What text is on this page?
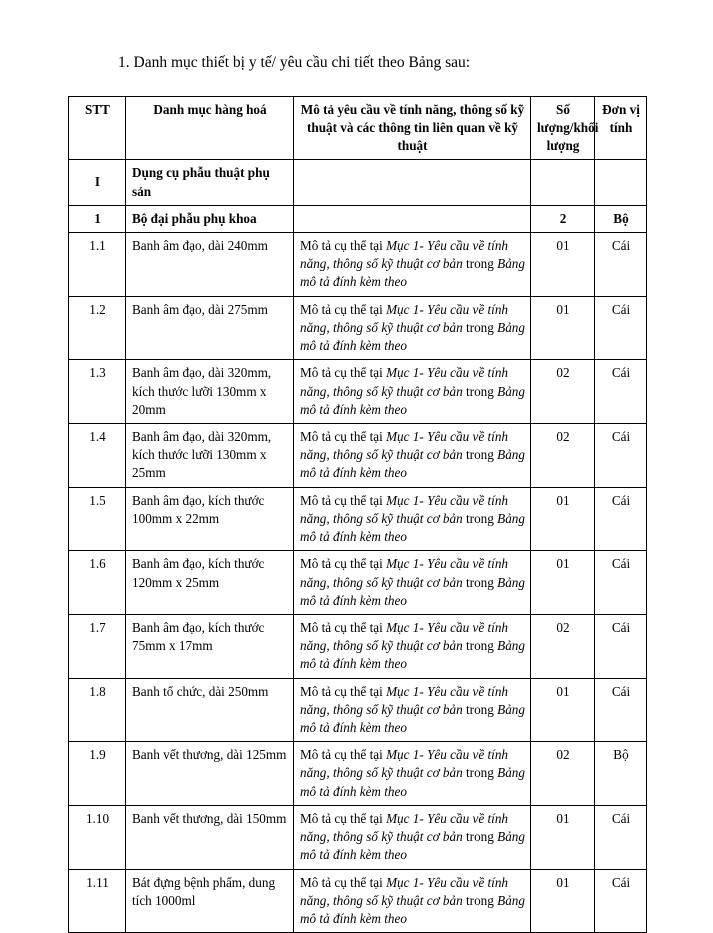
1. Danh mục thiết bị y tế/ yêu cầu chi tiết theo Bảng sau:
STT	Danh mục hàng hoá	Mô tả yêu cầu về tính năng, thông số kỹ thuật và các thông tin liên quan về kỹ thuật	Số lượng/khối lượng	Đơn vị tính
I	Dụng cụ phẫu thuật phụ sản			
1	Bộ đại phẫu phụ khoa		2	Bộ
1.1	Banh âm đạo, dài 240mm	Mô tả cụ thể tại Mục 1- Yêu cầu về tính năng, thông số kỹ thuật cơ bản trong Bảng mô tả đính kèm theo	01	Cái
1.2	Banh âm đạo, dài 275mm	Mô tả cụ thể tại Mục 1- Yêu cầu về tính năng, thông số kỹ thuật cơ bản trong Bảng mô tả đính kèm theo	01	Cái
1.3	Banh âm đạo, dài 320mm, kích thước lưỡi 130mm x 20mm	Mô tả cụ thể tại Mục 1- Yêu cầu về tính năng, thông số kỹ thuật cơ bản trong Bảng mô tả đính kèm theo	02	Cái
1.4	Banh âm đạo, dài 320mm, kích thước lưỡi 130mm x 25mm	Mô tả cụ thể tại Mục 1- Yêu cầu về tính năng, thông số kỹ thuật cơ bản trong Bảng mô tả đính kèm theo	02	Cái
1.5	Banh âm đạo, kích thước 100mm x 22mm	Mô tả cụ thể tại Mục 1- Yêu cầu về tính năng, thông số kỹ thuật cơ bản trong Bảng mô tả đính kèm theo	01	Cái
1.6	Banh âm đạo, kích thước 120mm x 25mm	Mô tả cụ thể tại Mục 1- Yêu cầu về tính năng, thông số kỹ thuật cơ bản trong Bảng mô tả đính kèm theo	01	Cái
1.7	Banh âm đạo, kích thước 75mm x 17mm	Mô tả cụ thể tại Mục 1- Yêu cầu về tính năng, thông số kỹ thuật cơ bản trong Bảng mô tả đính kèm theo	02	Cái
1.8	Banh tổ chức, dài 250mm	Mô tả cụ thể tại Mục 1- Yêu cầu về tính năng, thông số kỹ thuật cơ bản trong Bảng mô tả đính kèm theo	01	Cái
1.9	Banh vết thương, dài 125mm	Mô tả cụ thể tại Mục 1- Yêu cầu về tính năng, thông số kỹ thuật cơ bản trong Bảng mô tả đính kèm theo	02	Bộ
1.10	Banh vết thương, dài 150mm	Mô tả cụ thể tại Mục 1- Yêu cầu về tính năng, thông số kỹ thuật cơ bản trong Bảng mô tả đính kèm theo	01	Cái
1.11	Bát đựng bệnh phẩm, dung tích 1000ml	Mô tả cụ thể tại Mục 1- Yêu cầu về tính năng, thông số kỹ thuật cơ bản trong Bảng mô tả đính kèm theo	01	Cái
